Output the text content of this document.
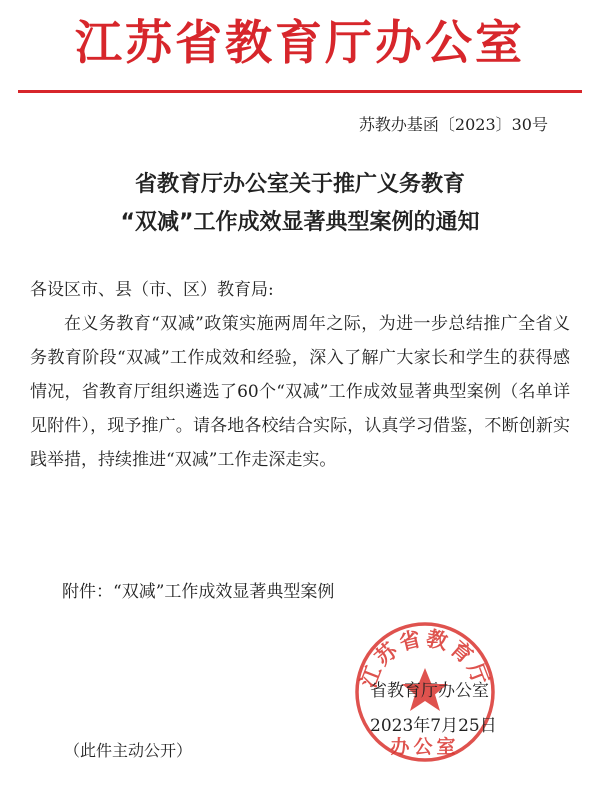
江苏省教育厅办公室
苏教办基函〔2023〕30号
省教育厅办公室关于推广义务教育
“双减”工作成效显著典型案例的通知
各设区市、县（市、区）教育局:
在义务教育“双减”政策实施两周年之际，为进一步总结推广全省义务教育阶段“双减”工作成效和经验，深入了解广大家长和学生的获得感情况，省教育厅组织遴选了60个“双减”工作成效显著典型案例（名单详见附件），现予推广。请各地各校结合实际，认真学习借鉴，不断创新实践举措，持续推进“双减”工作走深走实。
附件：“双减”工作成效显著典型案例
江苏省教育厅
办公室
省教育厅办公室
2023年7月25日
（此件主动公开）
